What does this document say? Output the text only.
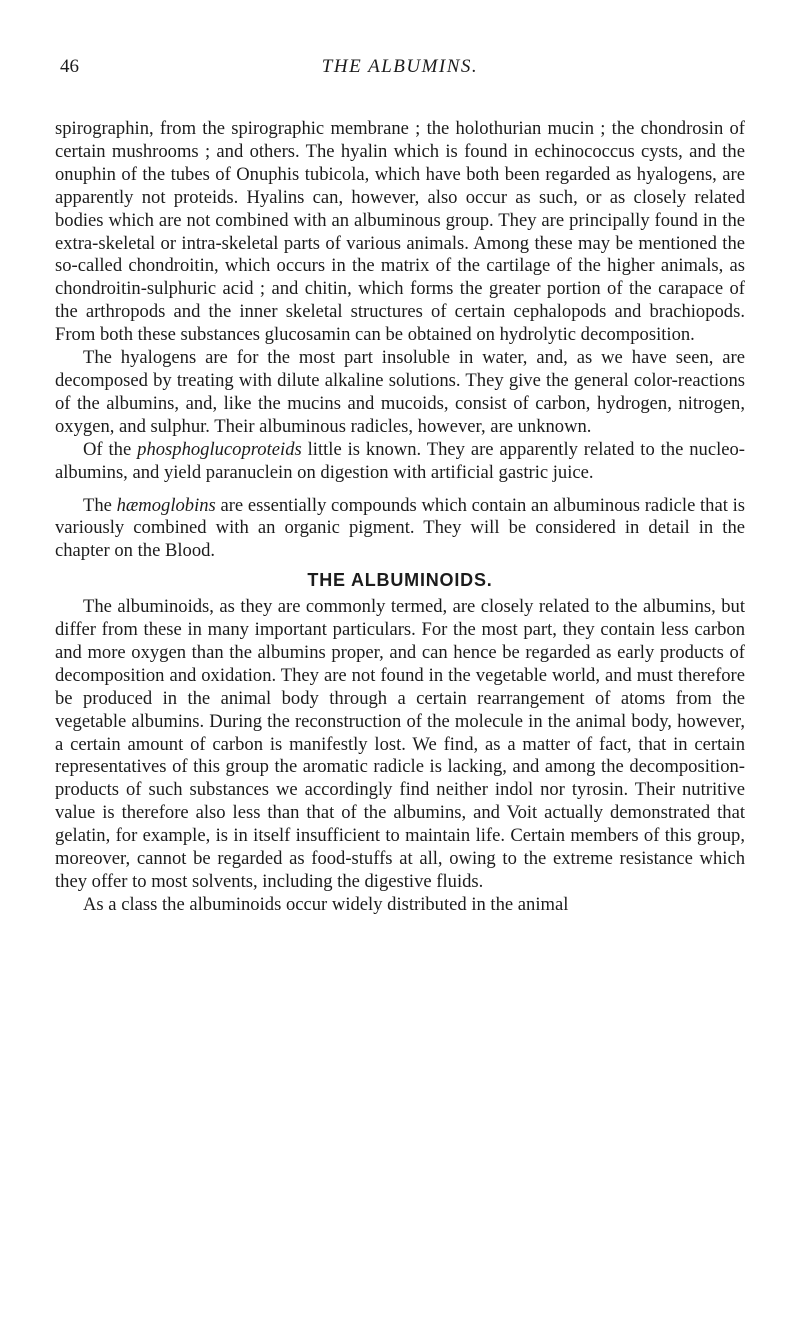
46	THE ALBUMINS.

spirographin, from the spirographic membrane ; the holothurian mucin ; the chondrosin of certain mushrooms ; and others. The hyalin which is found in echinococcus cysts, and the onuphin of the tubes of Onuphis tubicola, which have both been regarded as hyalogens, are apparently not proteids. Hyalins can, however, also occur as such, or as closely related bodies which are not combined with an albuminous group. They are principally found in the extra-skeletal or intra-skeletal parts of various animals. Among these may be mentioned the so-called chondroitin, which occurs in the matrix of the cartilage of the higher animals, as chondroitin-sulphuric acid ; and chitin, which forms the greater portion of the carapace of the arthropods and the inner skeletal structures of certain cephalopods and brachiopods. From both these substances glucosamin can be obtained on hydrolytic decomposition.

The hyalogens are for the most part insoluble in water, and, as we have seen, are decomposed by treating with dilute alkaline solutions. They give the general color-reactions of the albumins, and, like the mucins and mucoids, consist of carbon, hydrogen, nitrogen, oxygen, and sulphur. Their albuminous radicles, however, are unknown.

Of the phosphoglucoproteids little is known. They are apparently related to the nucleo-albumins, and yield paranuclein on digestion with artificial gastric juice.

The hæmoglobins are essentially compounds which contain an albuminous radicle that is variously combined with an organic pigment. They will be considered in detail in the chapter on the Blood.

THE ALBUMINOIDS.

The albuminoids, as they are commonly termed, are closely related to the albumins, but differ from these in many important particulars. For the most part, they contain less carbon and more oxygen than the albumins proper, and can hence be regarded as early products of decomposition and oxidation. They are not found in the vegetable world, and must therefore be produced in the animal body through a certain rearrangement of atoms from the vegetable albumins. During the reconstruction of the molecule in the animal body, however, a certain amount of carbon is manifestly lost. We find, as a matter of fact, that in certain representatives of this group the aromatic radicle is lacking, and among the decomposition-products of such substances we accordingly find neither indol nor tyrosin. Their nutritive value is therefore also less than that of the albumins, and Voit actually demonstrated that gelatin, for example, is in itself insufficient to maintain life. Certain members of this group, moreover, cannot be regarded as food-stuffs at all, owing to the extreme resistance which they offer to most solvents, including the digestive fluids.

As a class the albuminoids occur widely distributed in the animal
